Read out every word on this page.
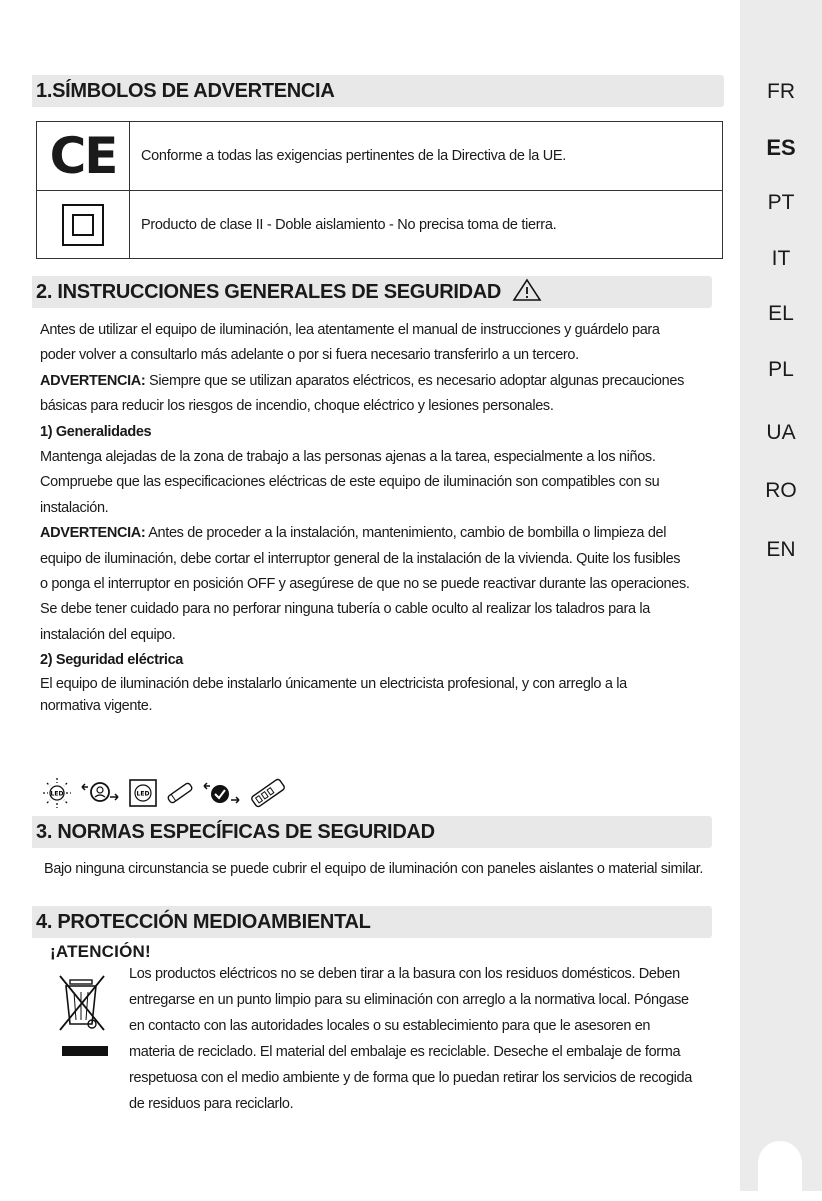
1.SÍMBOLOS DE ADVERTENCIA
CE Conforme a todas las exigencias pertinentes de la Directiva de la UE.
Producto de clase II - Doble aislamiento - No precisa toma de tierra.
2. INSTRUCCIONES GENERALES DE SEGURIDAD
Antes de utilizar el equipo de iluminación, lea atentamente el manual de instrucciones y guárdelo para
poder volver a consultarlo más adelante o por si fuera necesario transferirlo a un tercero.
ADVERTENCIA: Siempre que se utilizan aparatos eléctricos, es necesario adoptar algunas precauciones
básicas para reducir los riesgos de incendio, choque eléctrico y lesiones personales.
1) Generalidades
Mantenga alejadas de la zona de trabajo a las personas ajenas a la tarea, especialmente a los niños.
Compruebe que las especificaciones eléctricas de este equipo de iluminación son compatibles con su
instalación.
ADVERTENCIA: Antes de proceder a la instalación, mantenimiento, cambio de bombilla o limpieza del
equipo de iluminación, debe cortar el interruptor general de la instalación de la vivienda. Quite los fusibles
o ponga el interruptor en posición OFF y asegúrese de que no se puede reactivar durante las operaciones.
Se debe tener cuidado para no perforar ninguna tubería o cable oculto al realizar los taladros para la
instalación del equipo.
2) Seguridad eléctrica
El equipo de iluminación debe instalarlo únicamente un electricista profesional, y con arreglo a la
normativa vigente.
LED	LED
3. NORMAS ESPECÍFICAS DE SEGURIDAD
Bajo ninguna circunstancia se puede cubrir el equipo de iluminación con paneles aislantes o material similar.
4. PROTECCIÓN MEDIOAMBIENTAL
¡ATENCIÓN!
Los productos eléctricos no se deben tirar a la basura con los residuos domésticos. Deben
entregarse en un punto limpio para su eliminación con arreglo a la normativa local. Póngase
en contacto con las autoridades locales o su establecimiento para que le asesoren en
materia de reciclado. El material del embalaje es reciclable. Deseche el embalaje de forma
respetuosa con el medio ambiente y de forma que lo puedan retirar los servicios de recogida
de residuos para reciclarlo.
FR
ES
PT
IT
EL
PL
UA
RO
EN
